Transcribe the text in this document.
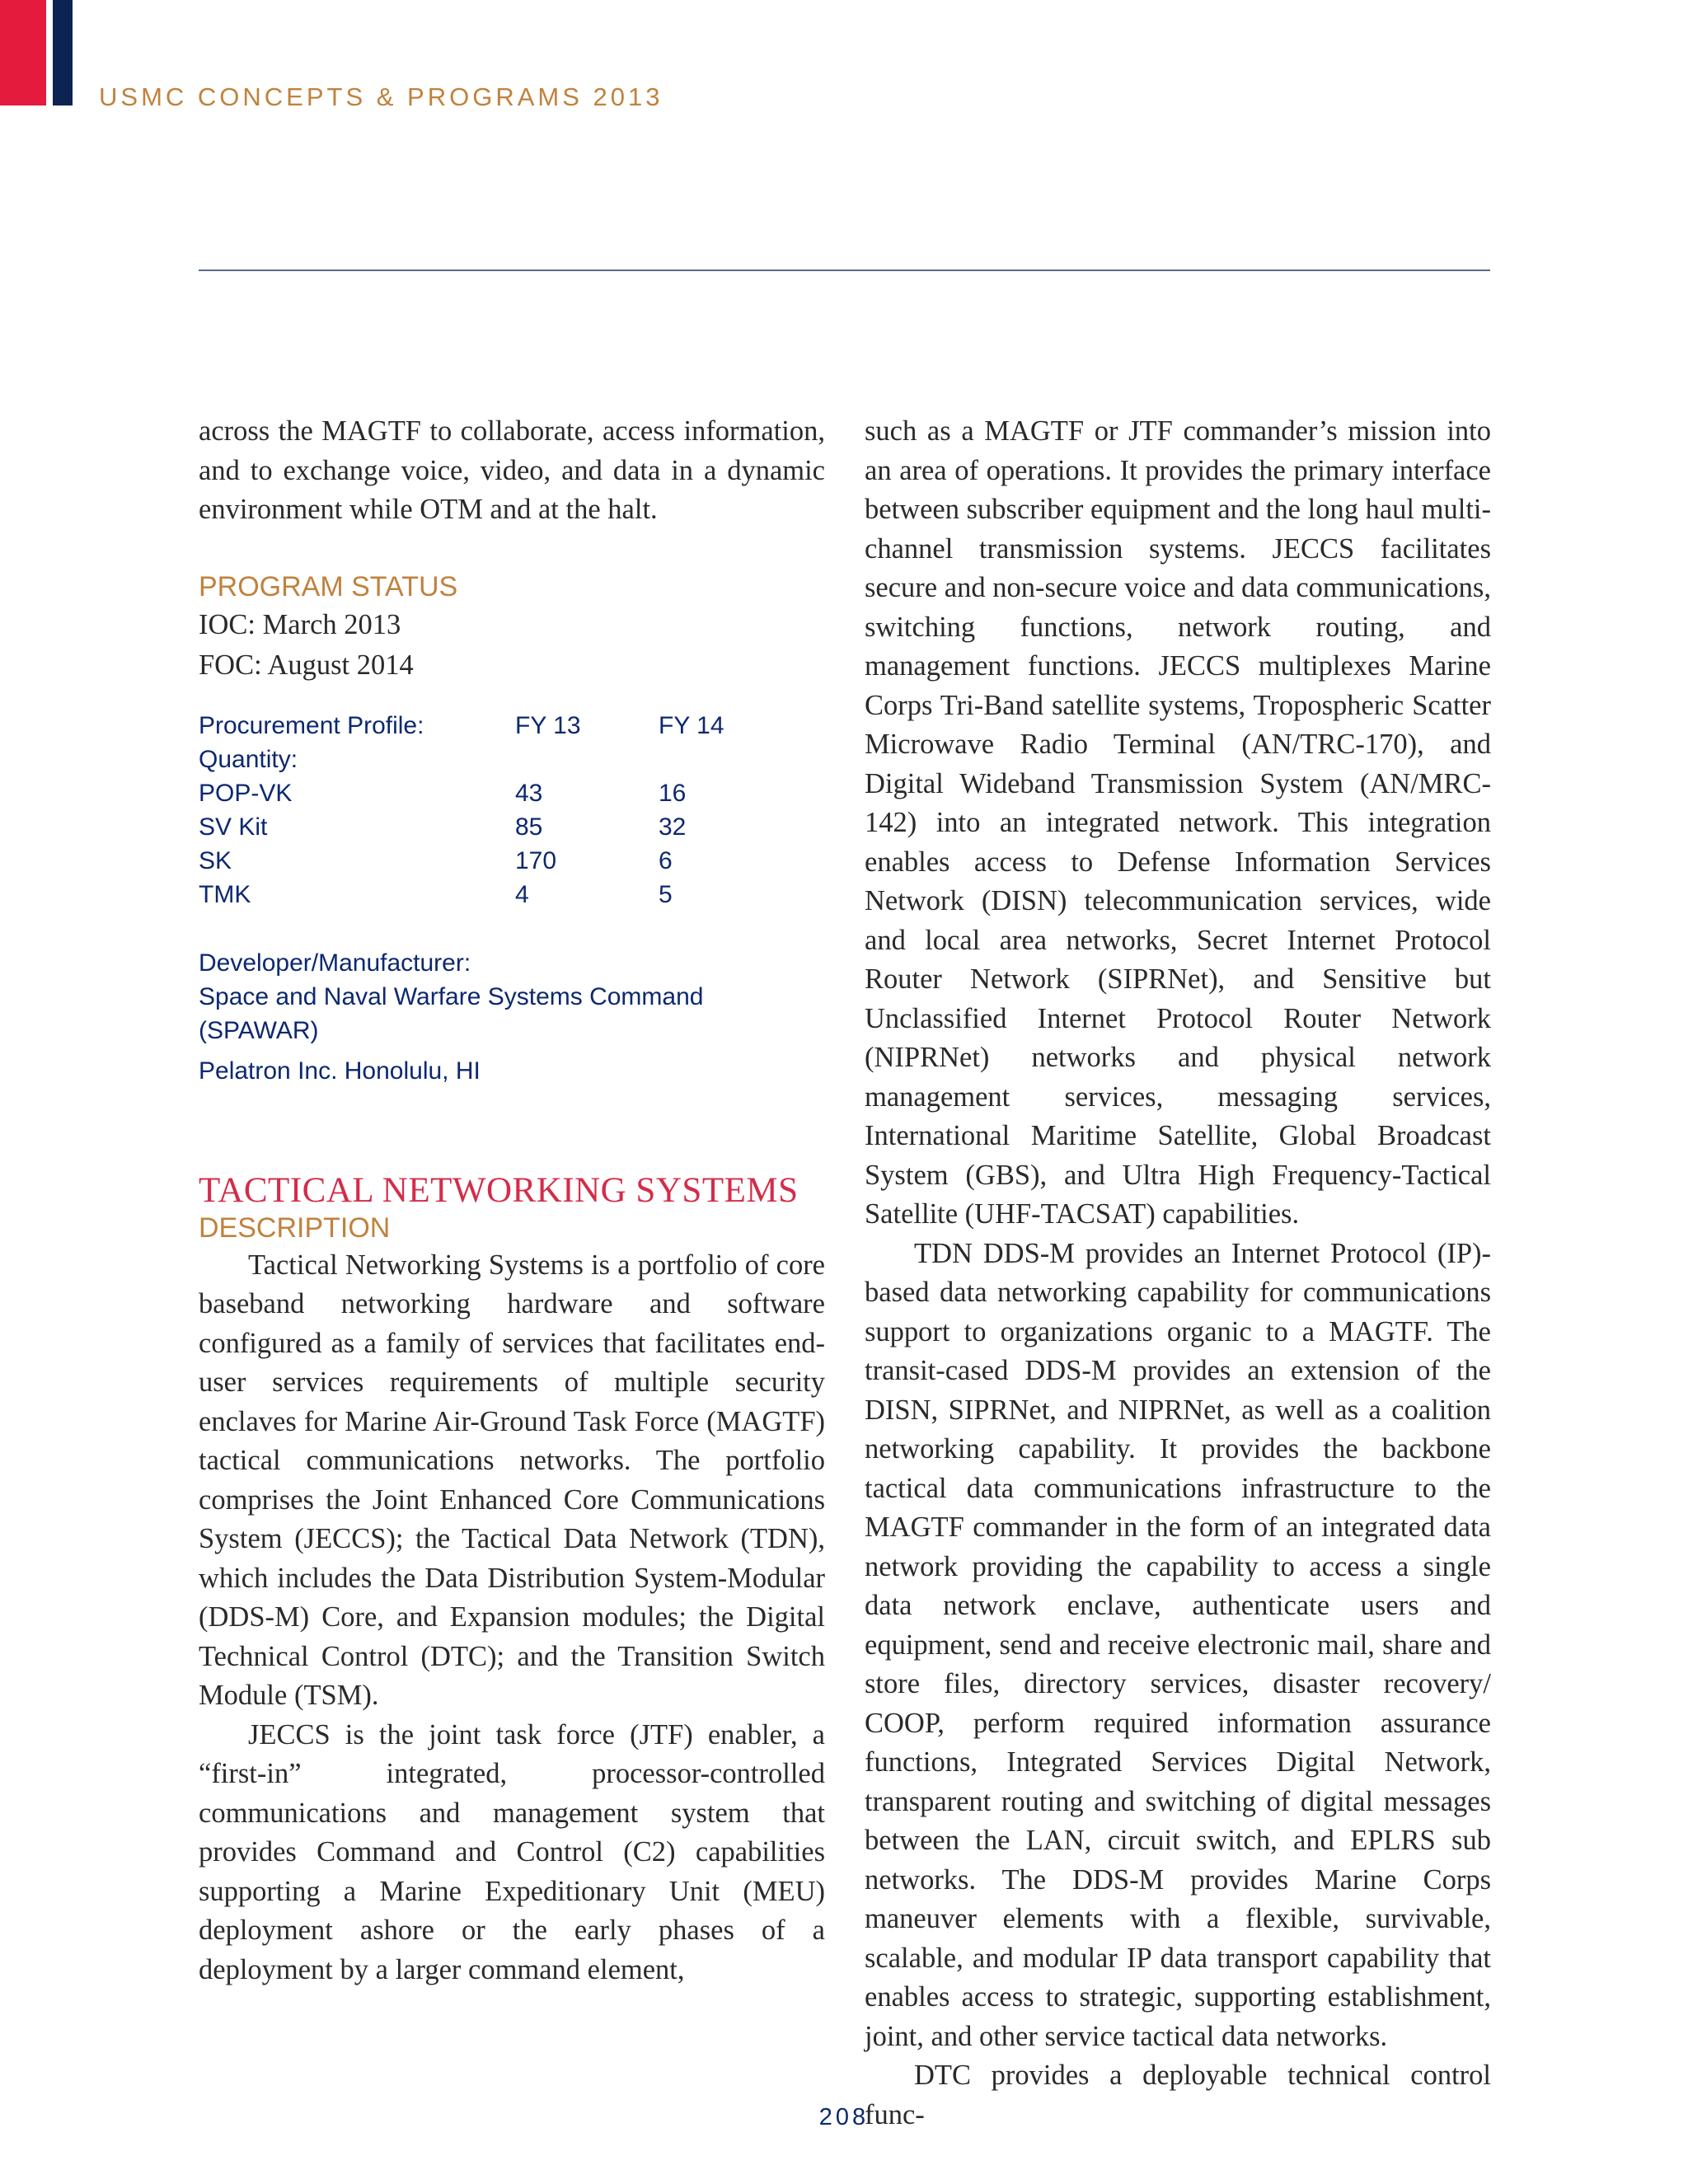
USMC CONCEPTS & PROGRAMS 2013

across the MAGTF to collaborate, access information, and to exchange voice, video, and data in a dynamic environment while OTM and at the halt.

PROGRAM STATUS

IOC: March 2013

FOC: August 2014

Procurement Profile:	FY 13	FY 14
Quantity:		
POP-VK	43	16
SV Kit	85	32
SK	170	6
TMK	4	5

Developer/Manufacturer:

Space and Naval Warfare Systems Command (SPAWAR)

Pelatron Inc. Honolulu, HI

TACTICAL NETWORKING SYSTEMS

DESCRIPTION

Tactical Networking Systems is a portfolio of core baseband networking hardware and software configured as a family of services that facilitates end-user services requirements of multiple security enclaves for Marine Air-Ground Task Force (MAGTF) tactical communications networks. The portfolio comprises the Joint Enhanced Core Communications System (JECCS); the Tactical Data Network (TDN), which includes the Data Distribution System-Modular (DDS-M) Core, and Expansion modules; the Digital Technical Control (DTC); and the Transition Switch Module (TSM).

JECCS is the joint task force (JTF) enabler, a “first-in” integrated, processor-controlled communications and management system that provides Command and Control (C2) capabilities supporting a Marine Expeditionary Unit (MEU) deployment ashore or the early phases of a deployment by a larger command element,

such as a MAGTF or JTF commander’s mission into an area of operations. It provides the primary interface between subscriber equipment and the long haul multi-channel transmission systems. JECCS facilitates secure and non-secure voice and data communications, switching functions, network routing, and management functions. JECCS multiplexes Marine Corps Tri-Band satellite systems, Tropospheric Scatter Microwave Radio Terminal (AN/TRC-170), and Digital Wideband Transmission System (AN/MRC-142) into an integrated network. This integration enables access to Defense Information Services Network (DISN) telecommunication services, wide and local area networks, Secret Internet Protocol Router Network (SIPRNet), and Sensitive but Unclassified Internet Protocol Router Network (NIPRNet) networks and physical network management services, messaging services, International Maritime Satellite, Global Broadcast System (GBS), and Ultra High Frequency-Tactical Satellite (UHF-TACSAT) capabilities.

TDN DDS-M provides an Internet Protocol (IP)-based data networking capability for communications support to organizations organic to a MAGTF. The transit-cased DDS-M provides an extension of the DISN, SIPRNet, and NIPRNet, as well as a coalition networking capability. It provides the backbone tactical data communications infrastructure to the MAGTF commander in the form of an integrated data network providing the capability to access a single data network enclave, authenticate users and equipment, send and receive electronic mail, share and store files, directory services, disaster recovery/ COOP, perform required information assurance functions, Integrated Services Digital Network, transparent routing and switching of digital messages between the LAN, circuit switch, and EPLRS sub networks. The DDS-M provides Marine Corps maneuver elements with a flexible, survivable, scalable, and modular IP data transport capability that enables access to strategic, supporting establishment, joint, and other service tactical data networks.

DTC provides a deployable technical control func-

208
